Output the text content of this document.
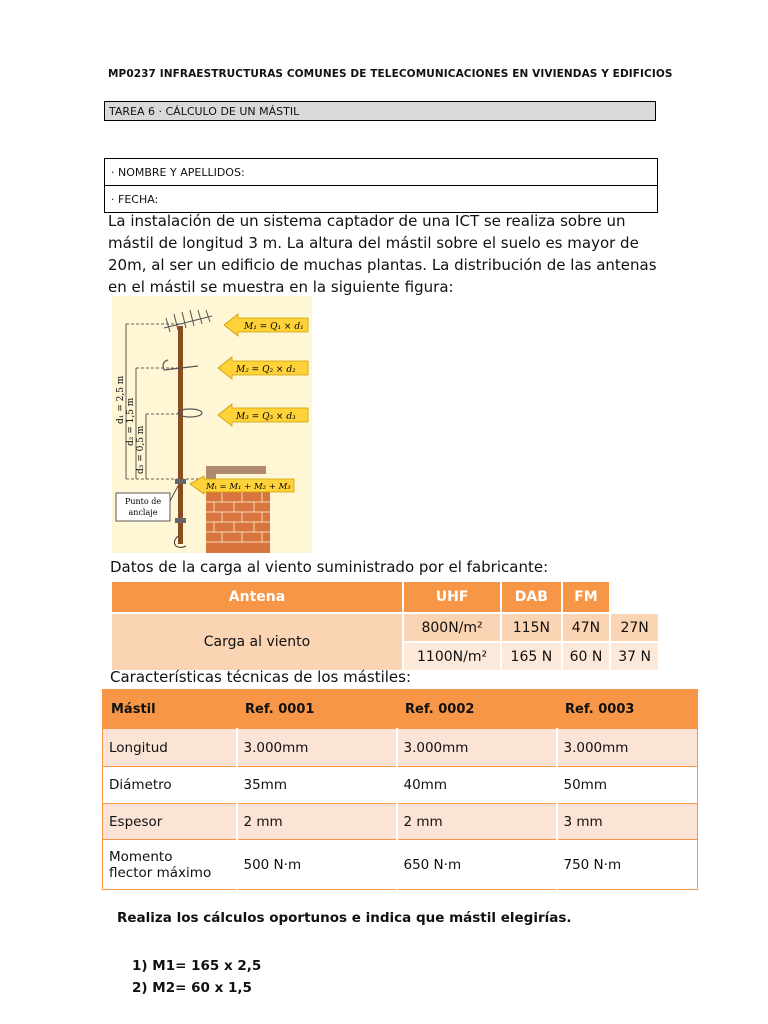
MP0237 INFRAESTRUCTURAS COMUNES DE TELECOMUNICACIONES EN VIVIENDAS Y EDIFICIOS
TAREA 6 · CÁLCULO DE UN MÁSTIL
· NOMBRE Y APELLIDOS:
· FECHA:
La instalación de un sistema captador de una ICT se realiza sobre un mástil de longitud 3 m. La altura del mástil sobre el suelo es mayor de 20m, al ser un edificio de muchas plantas. La distribución de las antenas en el mástil se muestra en la siguiente figura:
d₁ = 2,5 m d₂ = 1,5 m
d₃ = 0,5 m
M₁ = Q₁ × d₁
M₂ = Q₂ × d₂
M₃ = Q₃ × d₃
Mₜ = M₁ + M₂ + M₃
Punto de
anclaje
Datos de la carga al viento suministrado por el fabricante:
Antena	UHF	DAB	FM	
Carga al viento	800N/m²	115N	47N	27N
	1100N/m²	165 N	60 N	37 N
Características técnicas de los mástiles:
Mástil	Ref. 0001	Ref. 0002	Ref. 0003
Longitud	3.000mm	3.000mm	3.000mm
Diámetro	35mm	40mm	50mm
Espesor	2 mm	2 mm	3 mm

Momento
flector máximo	500 N·m	650 N·m	750 N·m
Realiza los cálculos oportunos e indica que mástil elegirías.
1) M1= 165 x 2,5
2) M2= 60 x 1,5
